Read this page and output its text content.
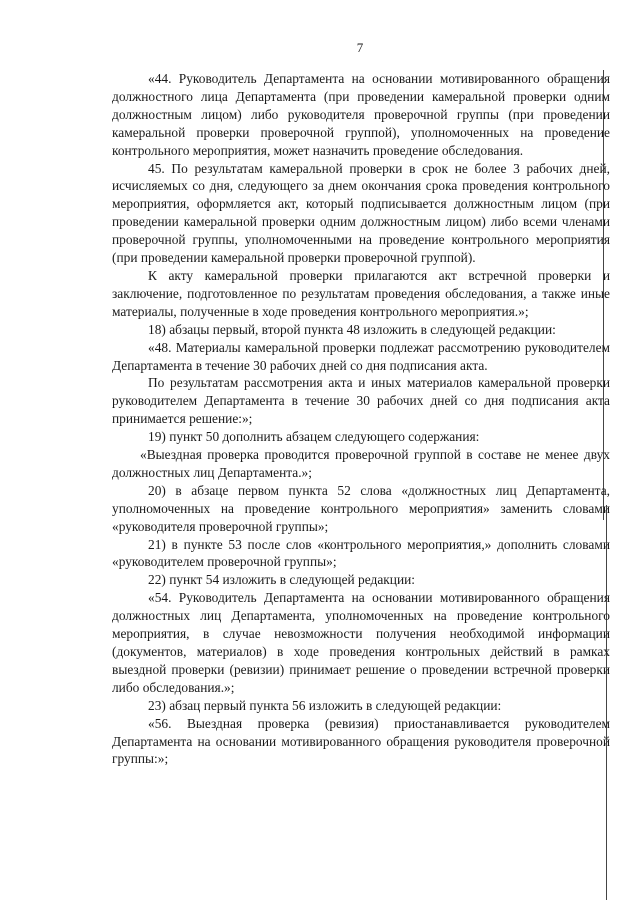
7

«44. Руководитель Департамента на основании мотивированного обращения должностного лица Департамента (при проведении камеральной проверки одним должностным лицом) либо руководителя проверочной группы (при проведении камеральной проверки проверочной группой), уполномоченных на проведение контрольного мероприятия, может назначить проведение обследования.

45. По результатам камеральной проверки в срок не более 3 рабочих дней, исчисляемых со дня, следующего за днем окончания срока проведения контрольного мероприятия, оформляется акт, который подписывается должностным лицом (при проведении камеральной проверки одним должностным лицом) либо всеми членами проверочной группы, уполномоченными на проведение контрольного мероприятия (при проведении камеральной проверки проверочной группой).

К акту камеральной проверки прилагаются акт встречной проверки и заключение, подготовленное по результатам проведения обследования, а также иные материалы, полученные в ходе проведения контрольного мероприятия.»;

18) абзацы первый, второй пункта 48 изложить в следующей редакции:

«48. Материалы камеральной проверки подлежат рассмотрению руководителем Департамента в течение 30 рабочих дней со дня подписания акта.

По результатам рассмотрения акта и иных материалов камеральной проверки руководителем Департамента в течение 30 рабочих дней со дня подписания акта принимается решение:»;

19) пункт 50 дополнить абзацем следующего содержания:

«Выездная проверка проводится проверочной группой в составе не менее двух должностных лиц Департамента.»;

20) в абзаце первом пункта 52 слова «должностных лиц Департамента, уполномоченных на проведение контрольного мероприятия» заменить словами «руководителя проверочной группы»;

21) в пункте 53 после слов «контрольного мероприятия,» дополнить словами «руководителем проверочной группы»;

22) пункт 54 изложить в следующей редакции:

«54. Руководитель Департамента на основании мотивированного обращения должностных лиц Департамента, уполномоченных на проведение контрольного мероприятия, в случае невозможности получения необходимой информации (документов, материалов) в ходе проведения контрольных действий в рамках выездной проверки (ревизии) принимает решение о проведении встречной проверки либо обследования.»;

23) абзац первый пункта 56 изложить в следующей редакции:

«56. Выездная проверка (ревизия) приостанавливается руководителем Департамента на основании мотивированного обращения руководителя проверочной группы:»;
